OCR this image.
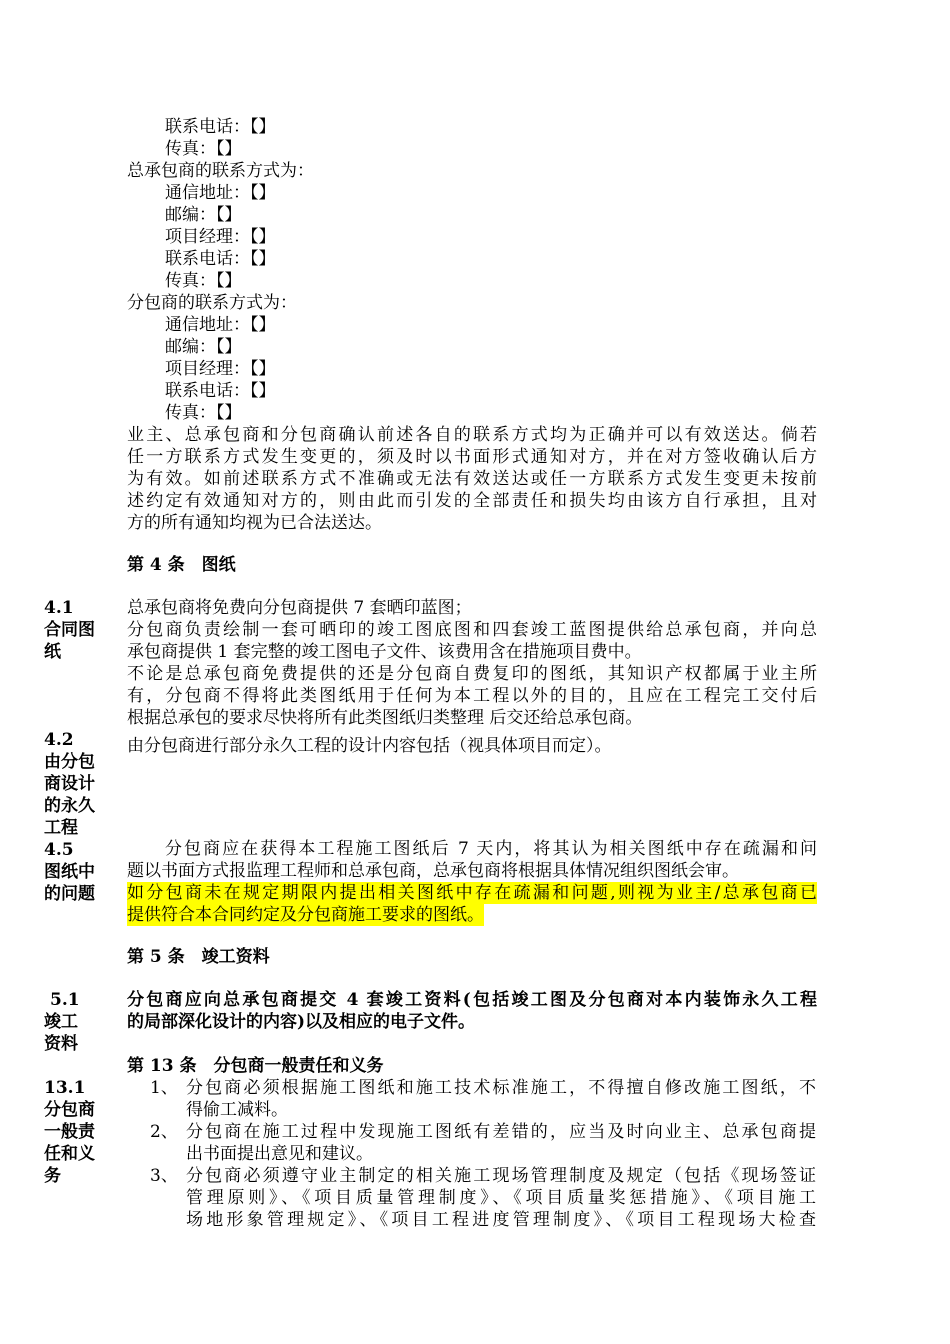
联系电话：【】
传真：【】
总承包商的联系方式为：
通信地址：【】
邮编：【】
项目经理：【】
联系电话：【】
传真：【】
分包商的联系方式为：
通信地址：【】
邮编：【】
项目经理：【】
联系电话：【】
传真：【】
业主、总承包商和分包商确认前述各自的联系方式均为正确并可以有效送达。倘若
任一方联系方式发生变更的，须及时以书面形式通知对方，并在对方签收确认后方
为有效。如前述联系方式不准确或无法有效送达或任一方联系方式发生变更未按前
述约定有效通知对方的，则由此而引发的全部责任和损失均由该方自行承担，且对
方的所有通知均视为已合法送达。
第 4 条　图纸
4.1
合同图纸
总承包商将免费向分包商提供 7 套晒印蓝图；
分包商负责绘制一套可晒印的竣工图底图和四套竣工蓝图提供给总承包商，并向总
承包商提供 1 套完整的竣工图电子文件、该费用含在措施项目费中。
不论是总承包商免费提供的还是分包商自费复印的图纸，其知识产权都属于业主所
有，分包商不得将此类图纸用于任何为本工程以外的目的，且应在工程完工交付后
根据总承包的要求尽快将所有此类图纸归类整理 后交还给总承包商。
4.2
由分包商设计的永久工程
由分包商进行部分永久工程的设计内容包括（视具体项目而定）。
4.5
图纸中的问题
分包商应在获得本工程施工图纸后 7 天内，将其认为相关图纸中存在疏漏和问
题以书面方式报监理工程师和总承包商，总承包商将根据具体情况组织图纸会审。
如分包商未在规定期限内提出相关图纸中存在疏漏和问题,则视为业主/总承包商已
提供符合本合同约定及分包商施工要求的图纸。
第 5 条　竣工资料
5.1
竣工资料
分包商应向总承包商提交 4 套竣工资料(包括竣工图及分包商对本内装饰永久工程
的局部深化设计的内容)以及相应的电子文件。
第 13 条　分包商一般责任和义务
13.1
分包商一般责任和义务
1、 分包商必须根据施工图纸和施工技术标准施工，不得擅自修改施工图纸，不
得偷工减料。
2、 分包商在施工过程中发现施工图纸有差错的，应当及时向业主、总承包商提
出书面提出意见和建议。
3、 分包商必须遵守业主制定的相关施工现场管理制度及规定（包括《现场签证
管理原则》、《项目质量管理制度》、《项目质量奖惩措施》、《项目施工
场地形象管理规定》、《项目工程进度管理制度》、《项目工程现场大检查
